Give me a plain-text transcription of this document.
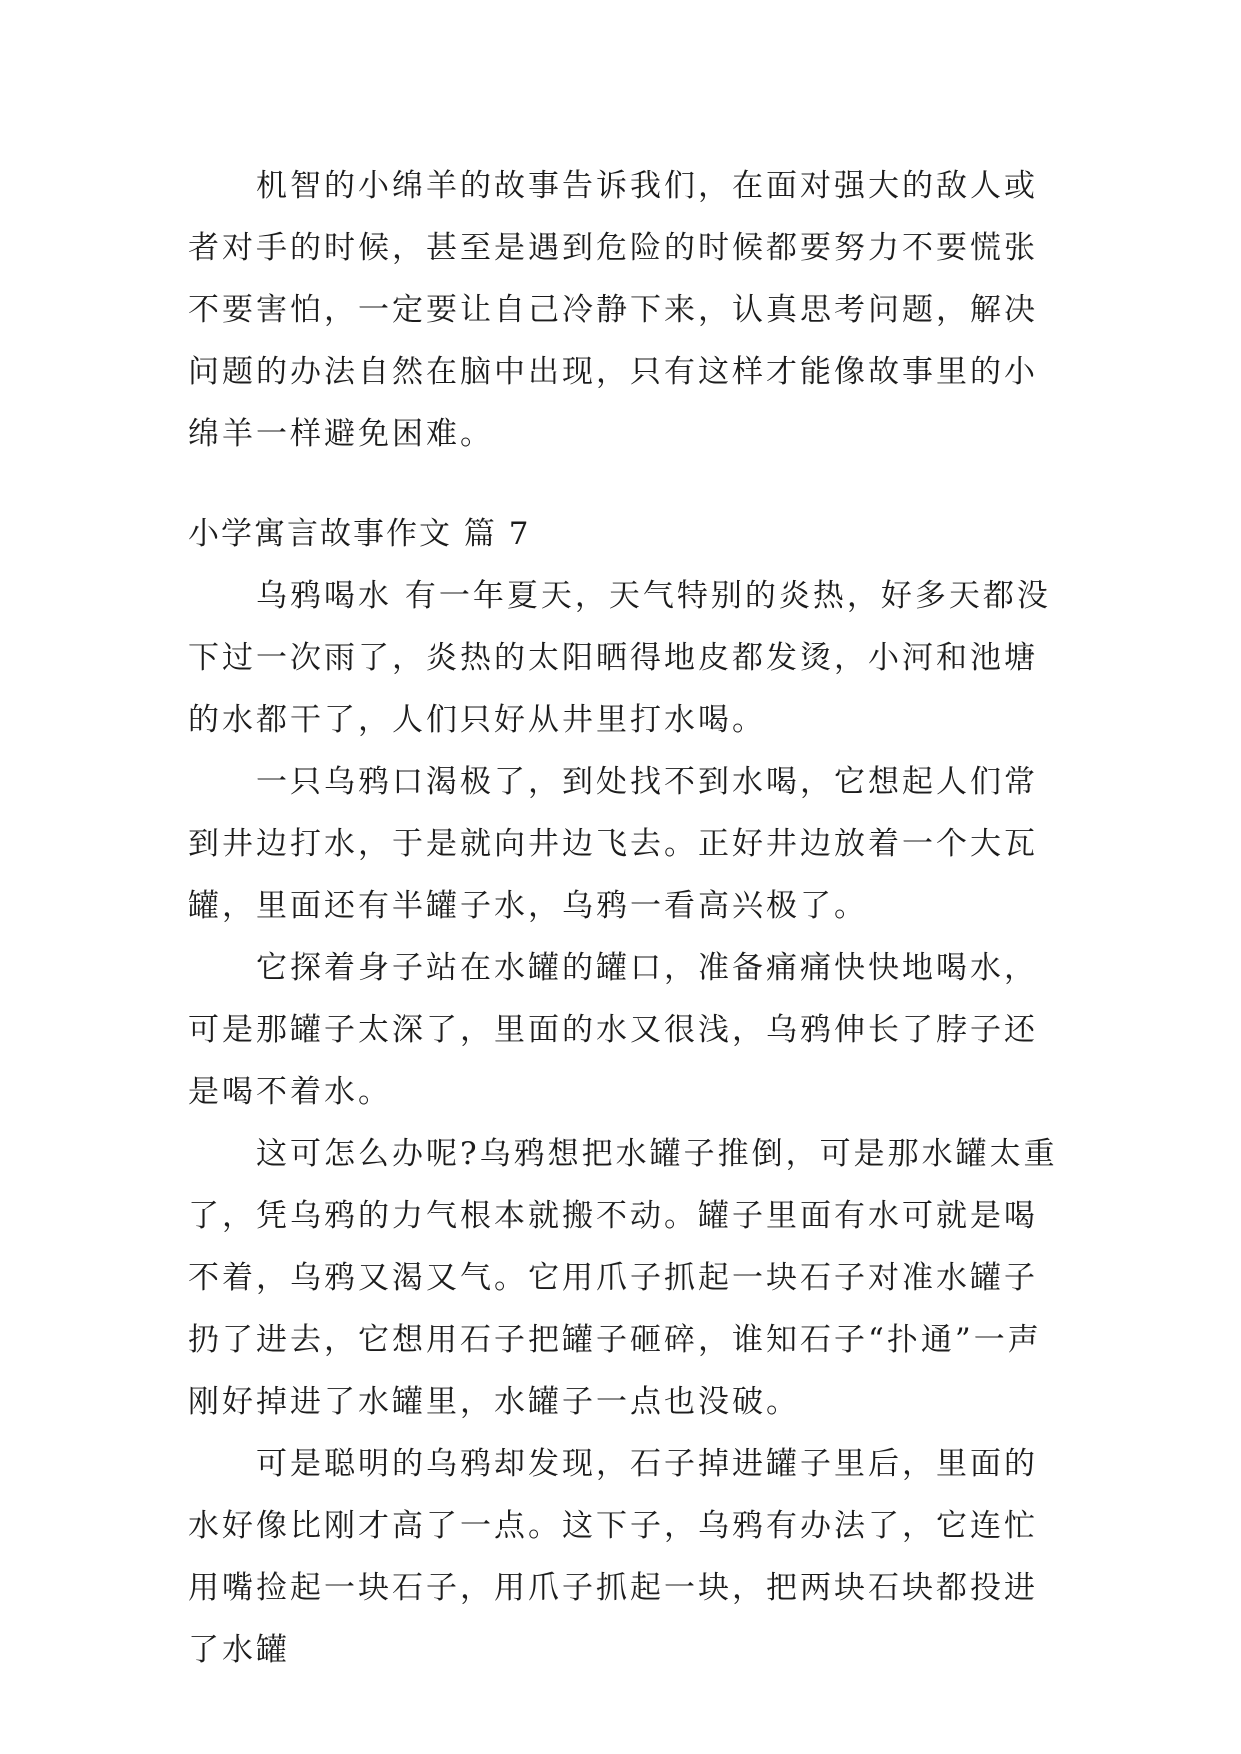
机智的小绵羊的故事告诉我们，在面对强大的敌人或者对手的时候，甚至是遇到危险的时候都要努力不要慌张不要害怕，一定要让自己冷静下来，认真思考问题，解决问题的办法自然在脑中出现，只有这样才能像故事里的小绵羊一样避免困难。

小学寓言故事作文 篇 7

乌鸦喝水 有一年夏天，天气特别的炎热，好多天都没下过一次雨了，炎热的太阳晒得地皮都发烫，小河和池塘的水都干了，人们只好从井里打水喝。

一只乌鸦口渴极了，到处找不到水喝，它想起人们常到井边打水，于是就向井边飞去。正好井边放着一个大瓦罐，里面还有半罐子水，乌鸦一看高兴极了。

它探着身子站在水罐的罐口，准备痛痛快快地喝水，可是那罐子太深了，里面的水又很浅，乌鸦伸长了脖子还是喝不着水。

这可怎么办呢?乌鸦想把水罐子推倒，可是那水罐太重了，凭乌鸦的力气根本就搬不动。罐子里面有水可就是喝不着，乌鸦又渴又气。它用爪子抓起一块石子对准水罐子扔了进去，它想用石子把罐子砸碎，谁知石子“扑通”一声刚好掉进了水罐里，水罐子一点也没破。

可是聪明的乌鸦却发现，石子掉进罐子里后，里面的水好像比刚才高了一点。这下子，乌鸦有办法了，它连忙用嘴捡起一块石子，用爪子抓起一块，把两块石块都投进了水罐
